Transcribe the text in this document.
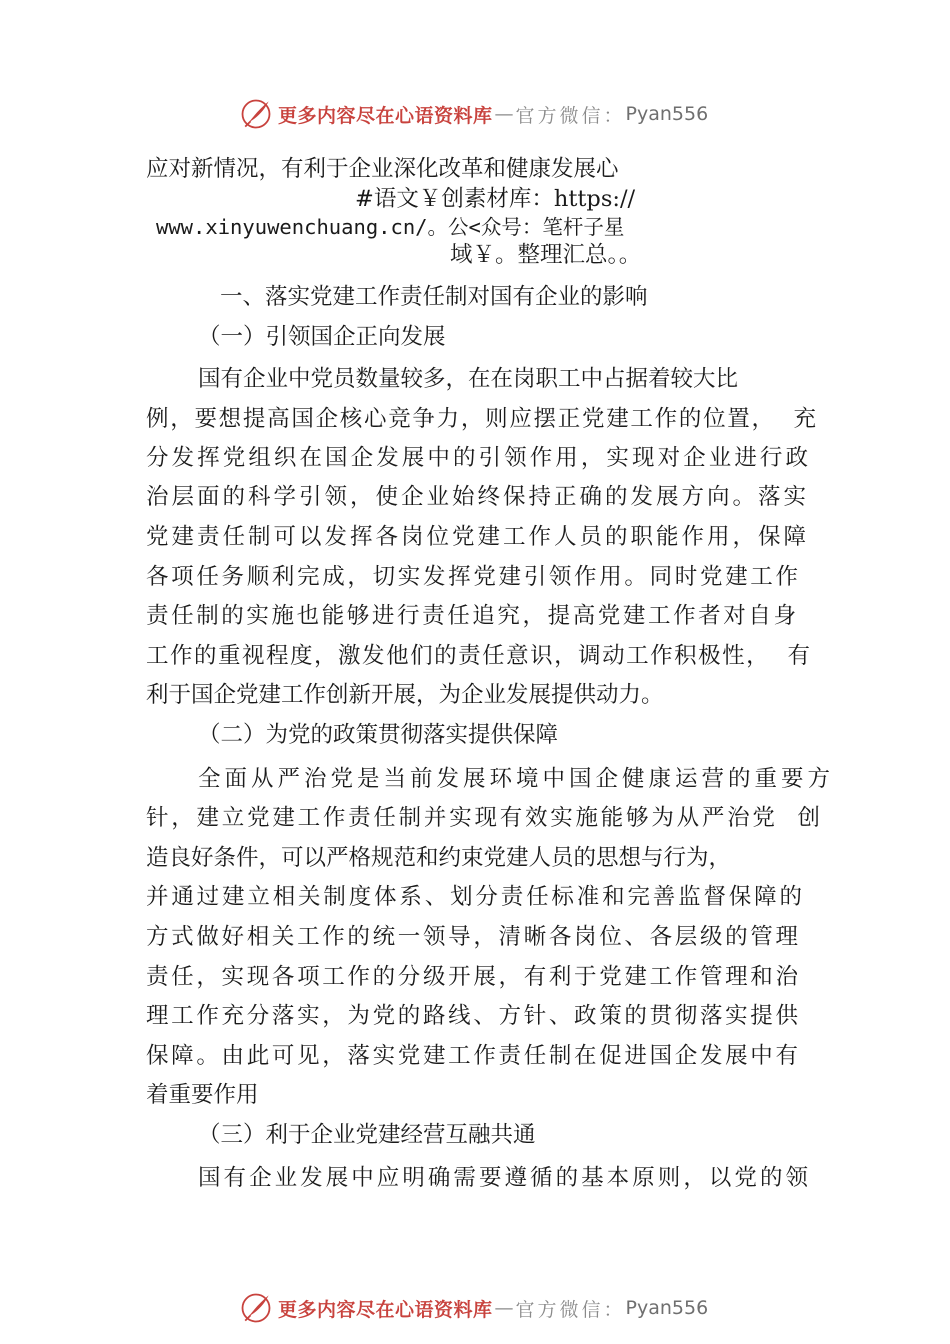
更多内容尽在心语资料库 — 官方微信： Pyan556
应对新情况，有利于企业深化改革和健康发展心
#语文￥创素材库：https://
www.xinyuwenchuang.cn/。公<众号：笔杆子星
域￥。整理汇总。。
一、落实党建工作责任制对国有企业的影响
（一）引领国企正向发展
国有企业中党员数量较多，在在岗职工中占据着较大比
例，要想提高国企核心竞争力，则应摆正党建工作的位置，  充
分发挥党组织在国企发展中的引领作用，实现对企业进行政
治层面的科学引领，使企业始终保持正确的发展方向。落实
党建责任制可以发挥各岗位党建工作人员的职能作用，保障
各项任务顺利完成，切实发挥党建引领作用。同时党建工作
责任制的实施也能够进行责任追究，提高党建工作者对自身
工作的重视程度，激发他们的责任意识，调动工作积极性，  有
利于国企党建工作创新开展，为企业发展提供动力。
（二）为党的政策贯彻落实提供保障
全面从严治党是当前发展环境中国企健康运营的重要方
针，建立党建工作责任制并实现有效实施能够为从严治党  创
造良好条件，可以严格规范和约束党建人员的思想与行为，
并通过建立相关制度体系、划分责任标准和完善监督保障的
方式做好相关工作的统一领导，清晰各岗位、各层级的管理
责任，实现各项工作的分级开展，有利于党建工作管理和治
理工作充分落实，为党的路线、方针、政策的贯彻落实提供
保障。由此可见，落实党建工作责任制在促进国企发展中有
着重要作用
（三）利于企业党建经营互融共通
国有企业发展中应明确需要遵循的基本原则，以党的领
更多内容尽在心语资料库 — 官方微信： Pyan556
